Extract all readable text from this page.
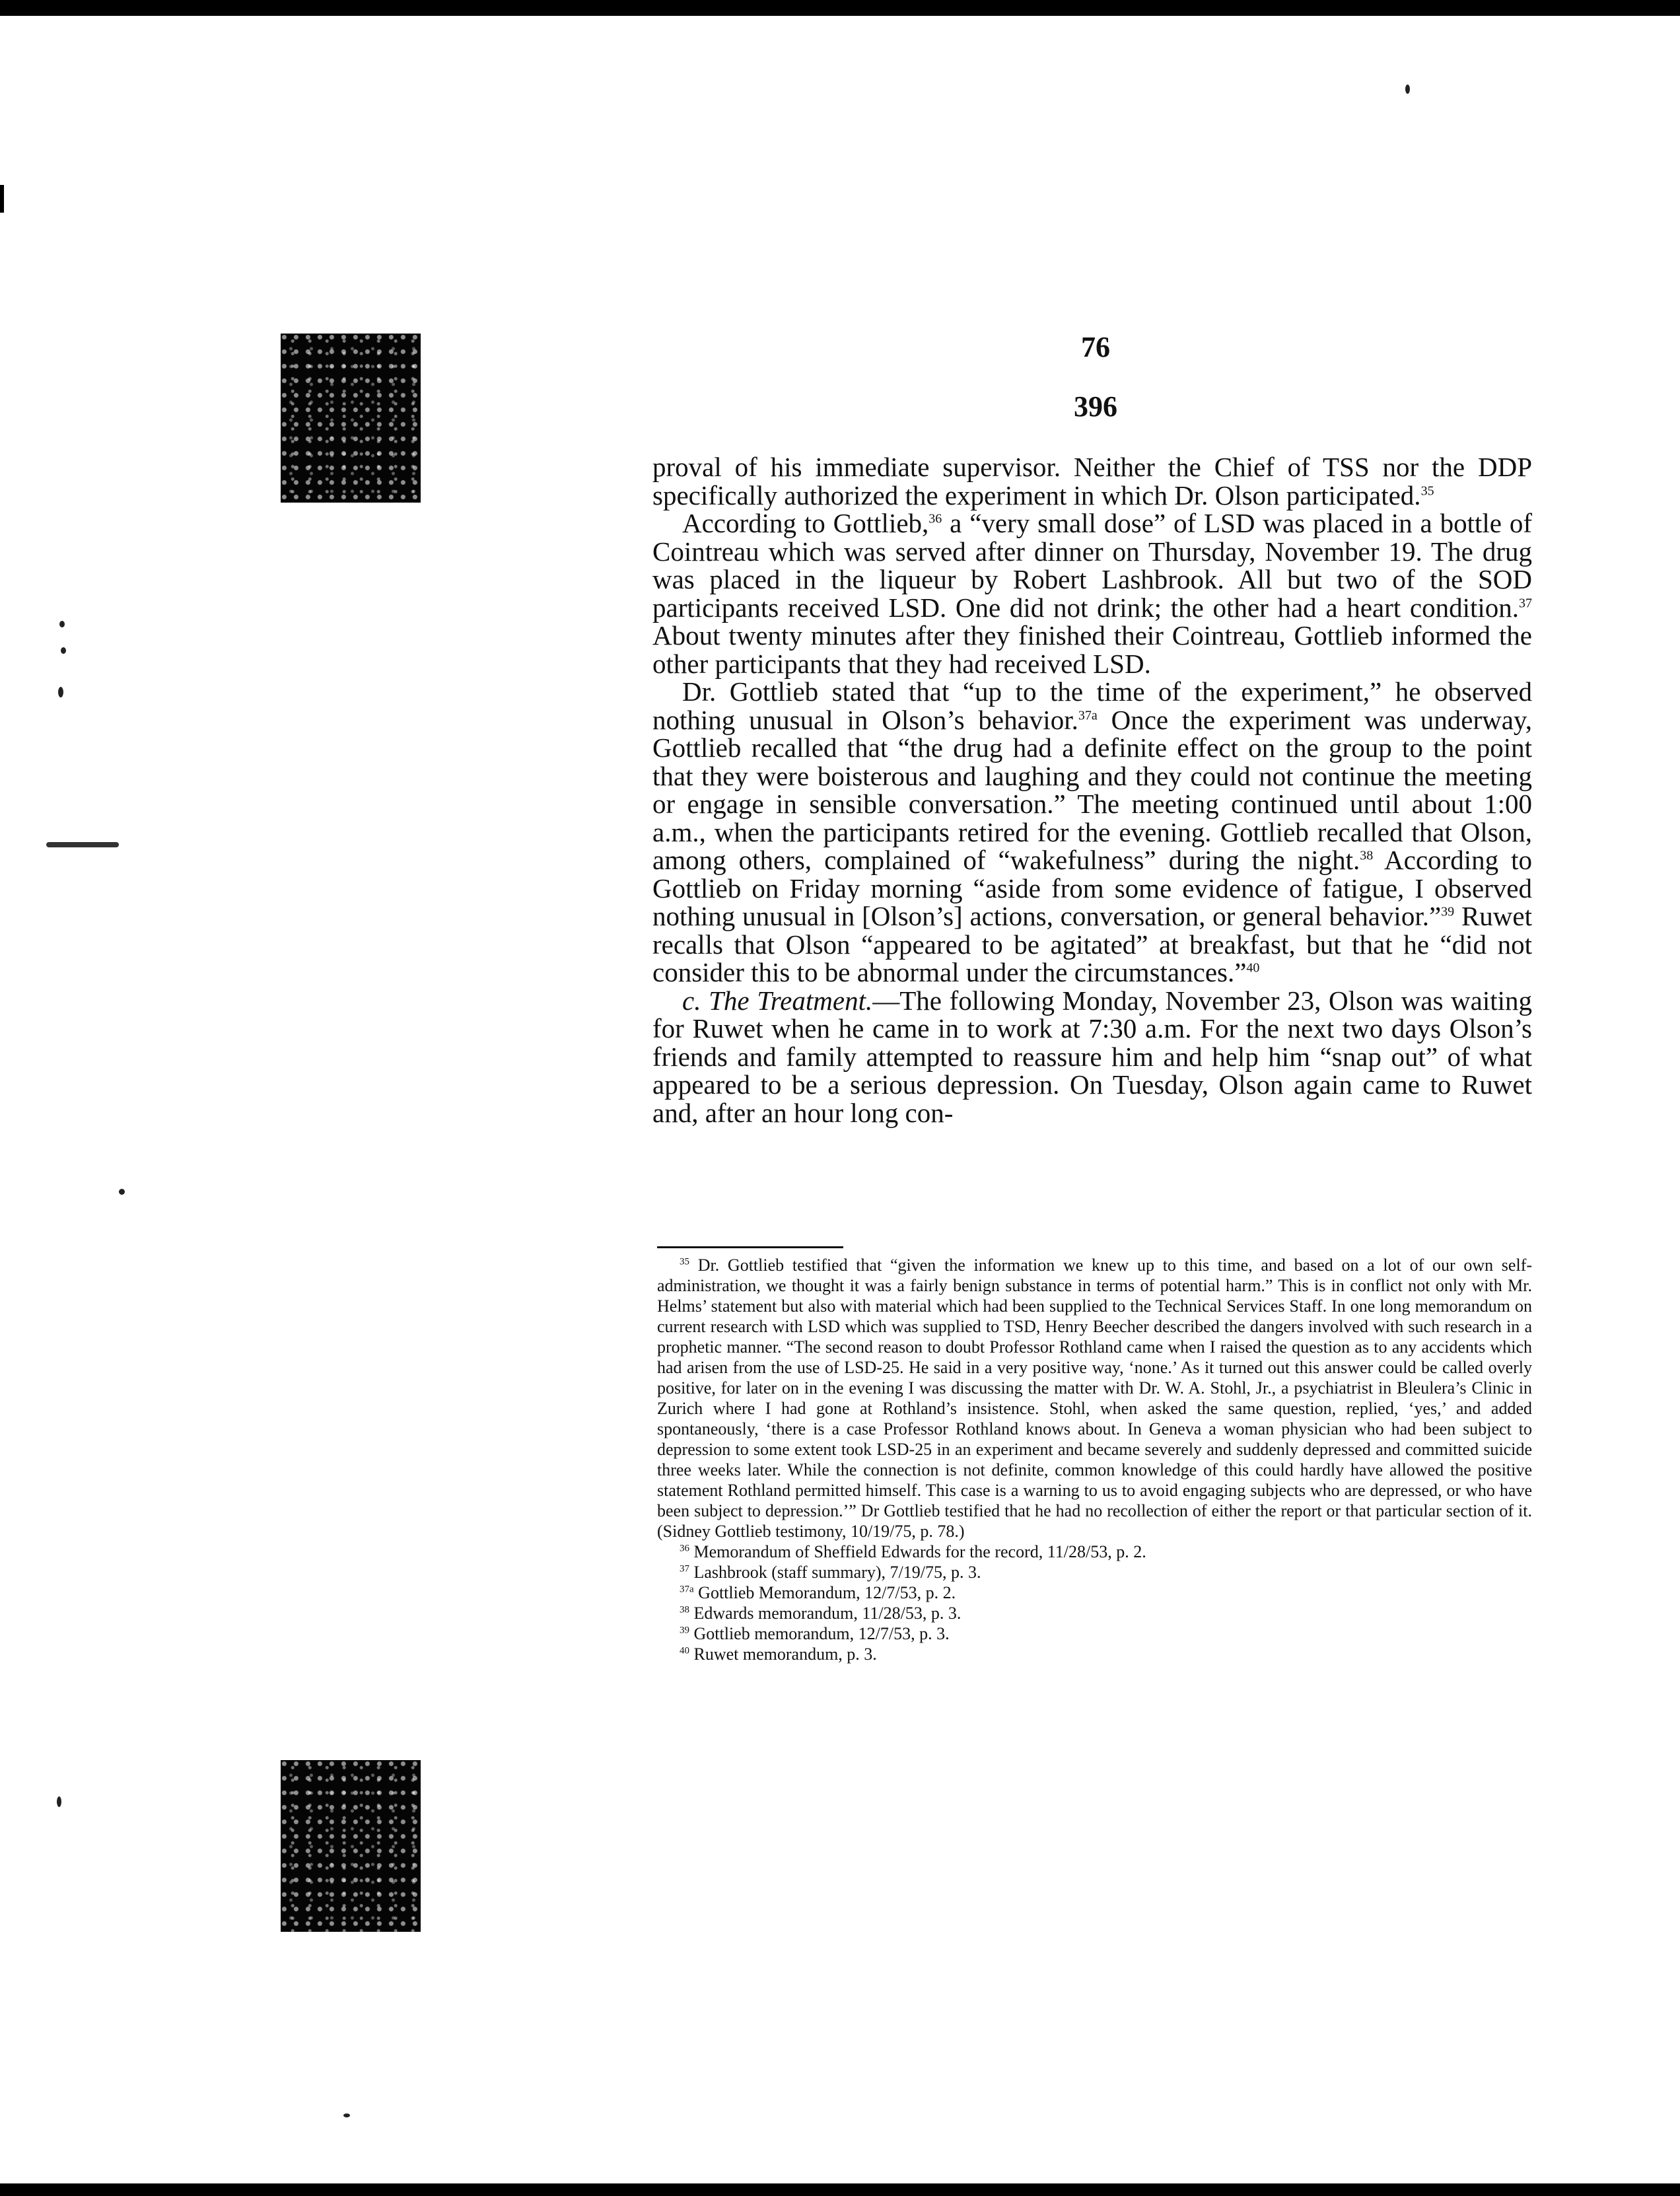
76
396

proval of his immediate supervisor. Neither the Chief of TSS nor the DDP specifically authorized the experiment in which Dr. Olson participated.$^{35}$

According to Gottlieb,$^{36}$ a “very small dose” of LSD was placed in a bottle of Cointreau which was served after dinner on Thursday, November 19. The drug was placed in the liqueur by Robert Lashbrook. All but two of the SOD participants received LSD. One did not drink; the other had a heart condition.$^{37}$ About twenty minutes after they finished their Cointreau, Gottlieb informed the other participants that they had received LSD.

Dr. Gottlieb stated that “up to the time of the experiment,” he observed nothing unusual in Olson’s behavior.$^{37a}$ Once the experiment was underway, Gottlieb recalled that “the drug had a definite effect on the group to the point that they were boisterous and laughing and they could not continue the meeting or engage in sensible conversation.” The meeting continued until about 1:00 a.m., when the participants retired for the evening. Gottlieb recalled that Olson, among others, complained of “wakefulness” during the night.$^{38}$ According to Gottlieb on Friday morning “aside from some evidence of fatigue, I observed nothing unusual in [Olson’s] actions, conversation, or general behavior.”$^{39}$ Ruwet recalls that Olson “appeared to be agitated” at breakfast, but that he “did not consider this to be abnormal under the circumstances.”$^{40}$

c. The Treatment.—The following Monday, November 23, Olson was waiting for Ruwet when he came in to work at 7:30 a.m. For the next two days Olson’s friends and family attempted to reassure him and help him “snap out” of what appeared to be a serious depression. On Tuesday, Olson again came to Ruwet and, after an hour long con-

$^{35}$ Dr. Gottlieb testified that “given the information we knew up to this time, and based on a lot of our own self-administration, we thought it was a fairly benign substance in terms of potential harm.” This is in conflict not only with Mr. Helms’ statement but also with material which had been supplied to the Technical Services Staff. In one long memorandum on current research with LSD which was supplied to TSD, Henry Beecher described the dangers involved with such research in a prophetic manner. “The second reason to doubt Professor Rothland came when I raised the question as to any accidents which had arisen from the use of LSD-25. He said in a very positive way, ‘none.’ As it turned out this answer could be called overly positive, for later on in the evening I was discussing the matter with Dr. W. A. Stohl, Jr., a psychiatrist in Bleulera’s Clinic in Zurich where I had gone at Rothland’s insistence. Stohl, when asked the same question, replied, ‘yes,’ and added spontaneously, ‘there is a case Professor Rothland knows about. In Geneva a woman physician who had been subject to depression to some extent took LSD-25 in an experiment and became severely and suddenly depressed and committed suicide three weeks later. While the connection is not definite, common knowledge of this could hardly have allowed the positive statement Rothland permitted himself. This case is a warning to us to avoid engaging subjects who are depressed, or who have been subject to depression.’” Dr Gottlieb testified that he had no recollection of either the report or that particular section of it. (Sidney Gottlieb testimony, 10/19/75, p. 78.)

$^{36}$ Memorandum of Sheffield Edwards for the record, 11/28/53, p. 2.

$^{37}$ Lashbrook (staff summary), 7/19/75, p. 3.

$^{37a}$ Gottlieb Memorandum, 12/7/53, p. 2.

$^{38}$ Edwards memorandum, 11/28/53, p. 3.

$^{39}$ Gottlieb memorandum, 12/7/53, p. 3.

$^{40}$ Ruwet memorandum, p. 3.
